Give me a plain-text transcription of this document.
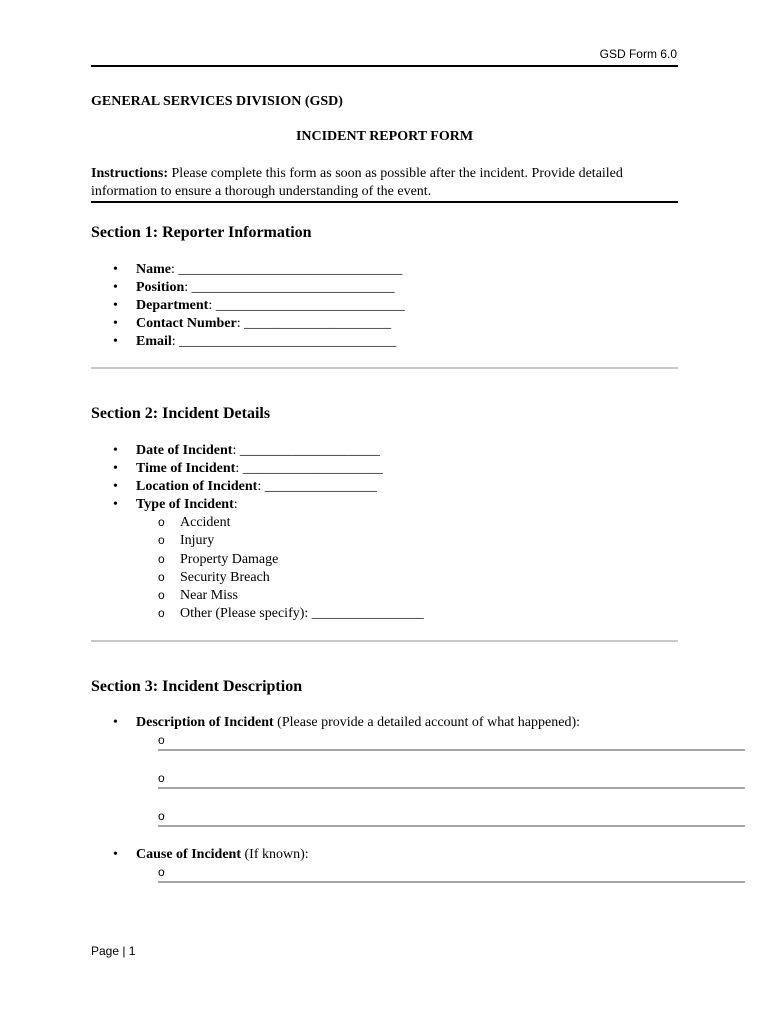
GSD Form 6.0
GENERAL SERVICES DIVISION (GSD)
INCIDENT REPORT FORM
Instructions: Please complete this form as soon as possible after the incident. Provide detailed information to ensure a thorough understanding of the event.
Section 1: Reporter Information
• Name: ________________________________
• Position: _____________________________
• Department: ___________________________
• Contact Number: _____________________
• Email: _______________________________
Section 2: Incident Details
• Date of Incident: ____________________
• Time of Incident: ____________________
• Location of Incident: ________________
• Type of Incident:
o Accident
o Injury
o Property Damage
o Security Breach
o Near Miss
o Other (Please specify): ________________
Section 3: Incident Description
• Description of Incident (Please provide a detailed account of what happened):
o
o
o
• Cause of Incident (If known):
o
Page | 1
